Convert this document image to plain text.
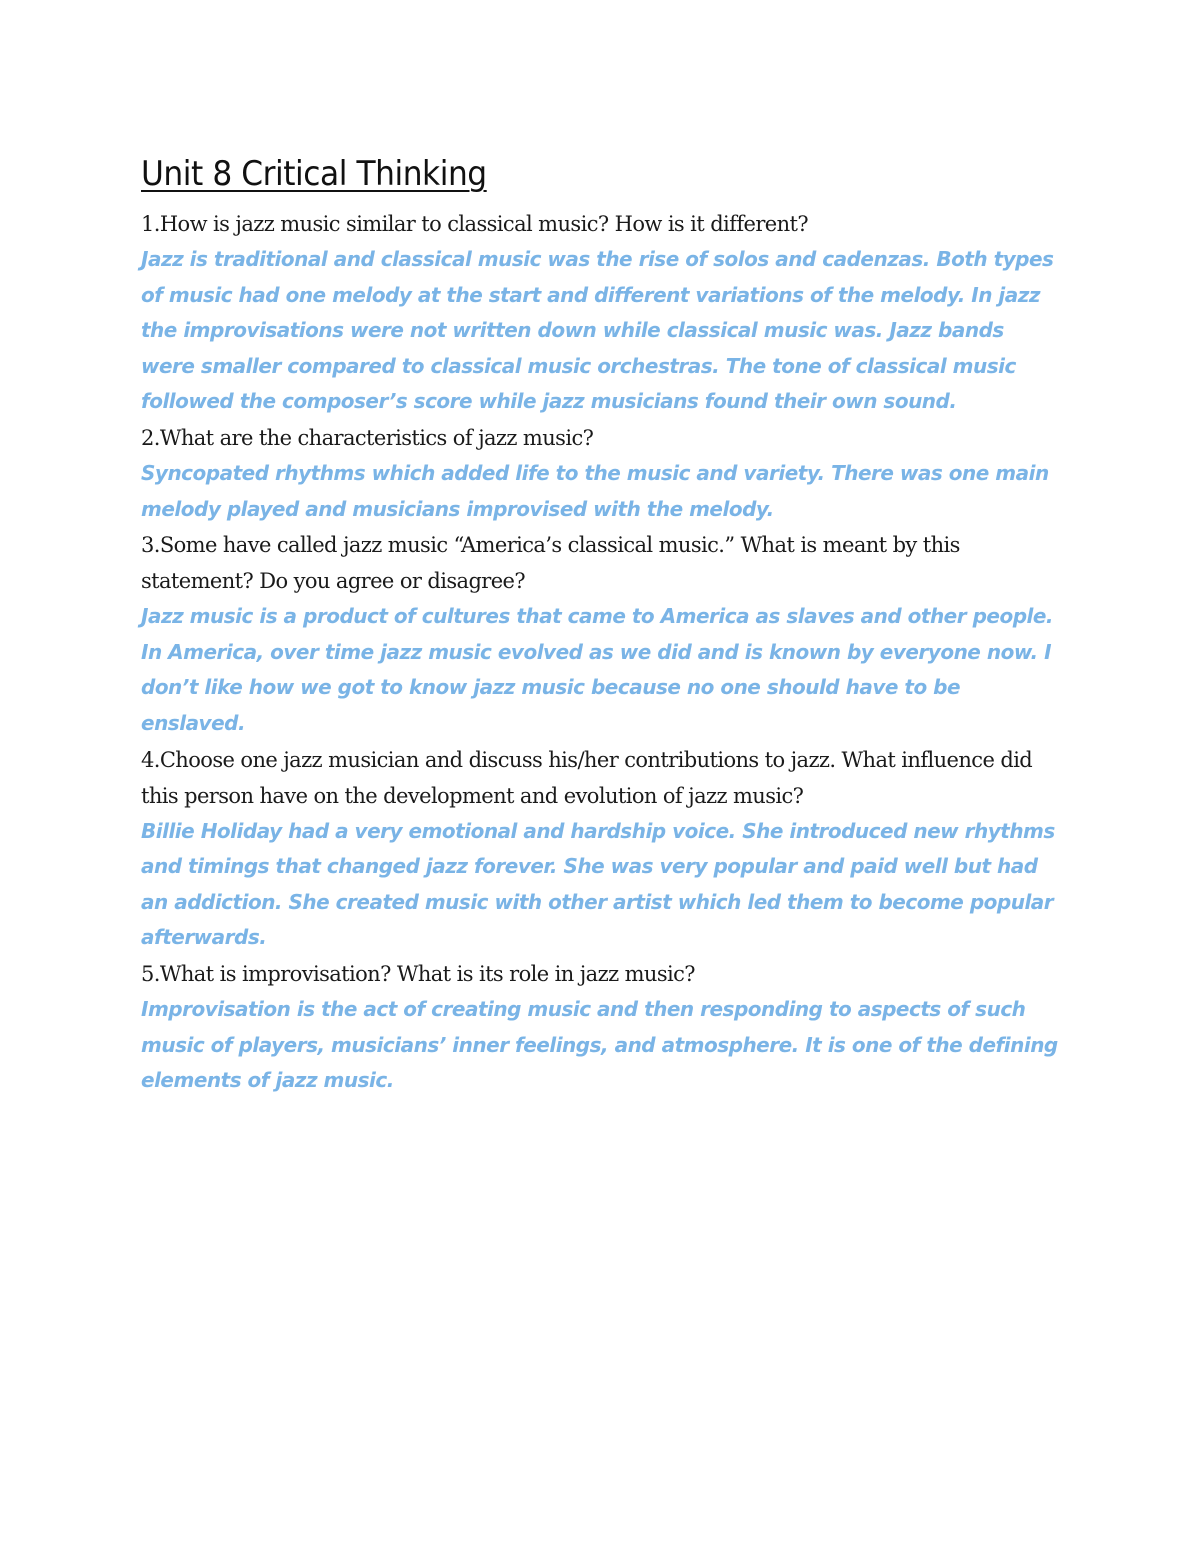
Unit 8 Critical Thinking

1.How is jazz music similar to classical music? How is it different?

Jazz is traditional and classical music was the rise of solos and cadenzas. Both types of music had one melody at the start and different variations of the melody. In jazz the improvisations were not written down while classical music was. Jazz bands were smaller compared to classical music orchestras. The tone of classical music followed the composer’s score while jazz musicians found their own sound.

2.What are the characteristics of jazz music?

Syncopated rhythms which added life to the music and variety. There was one main melody played and musicians improvised with the melody.

3.Some have called jazz music “America’s classical music.” What is meant by this statement? Do you agree or disagree?

Jazz music is a product of cultures that came to America as slaves and other people. In America, over time jazz music evolved as we did and is known by everyone now. I don’t like how we got to know jazz music because no one should have to be enslaved.

4.Choose one jazz musician and discuss his/her contributions to jazz. What influence did this person have on the development and evolution of jazz music?

Billie Holiday had a very emotional and hardship voice. She introduced new rhythms and timings that changed jazz forever. She was very popular and paid well but had an addiction. She created music with other artist which led them to become popular afterwards.

5.What is improvisation? What is its role in jazz music?

Improvisation is the act of creating music and then responding to aspects of such music of players, musicians’ inner feelings, and atmosphere. It is one of the defining elements of jazz music.
